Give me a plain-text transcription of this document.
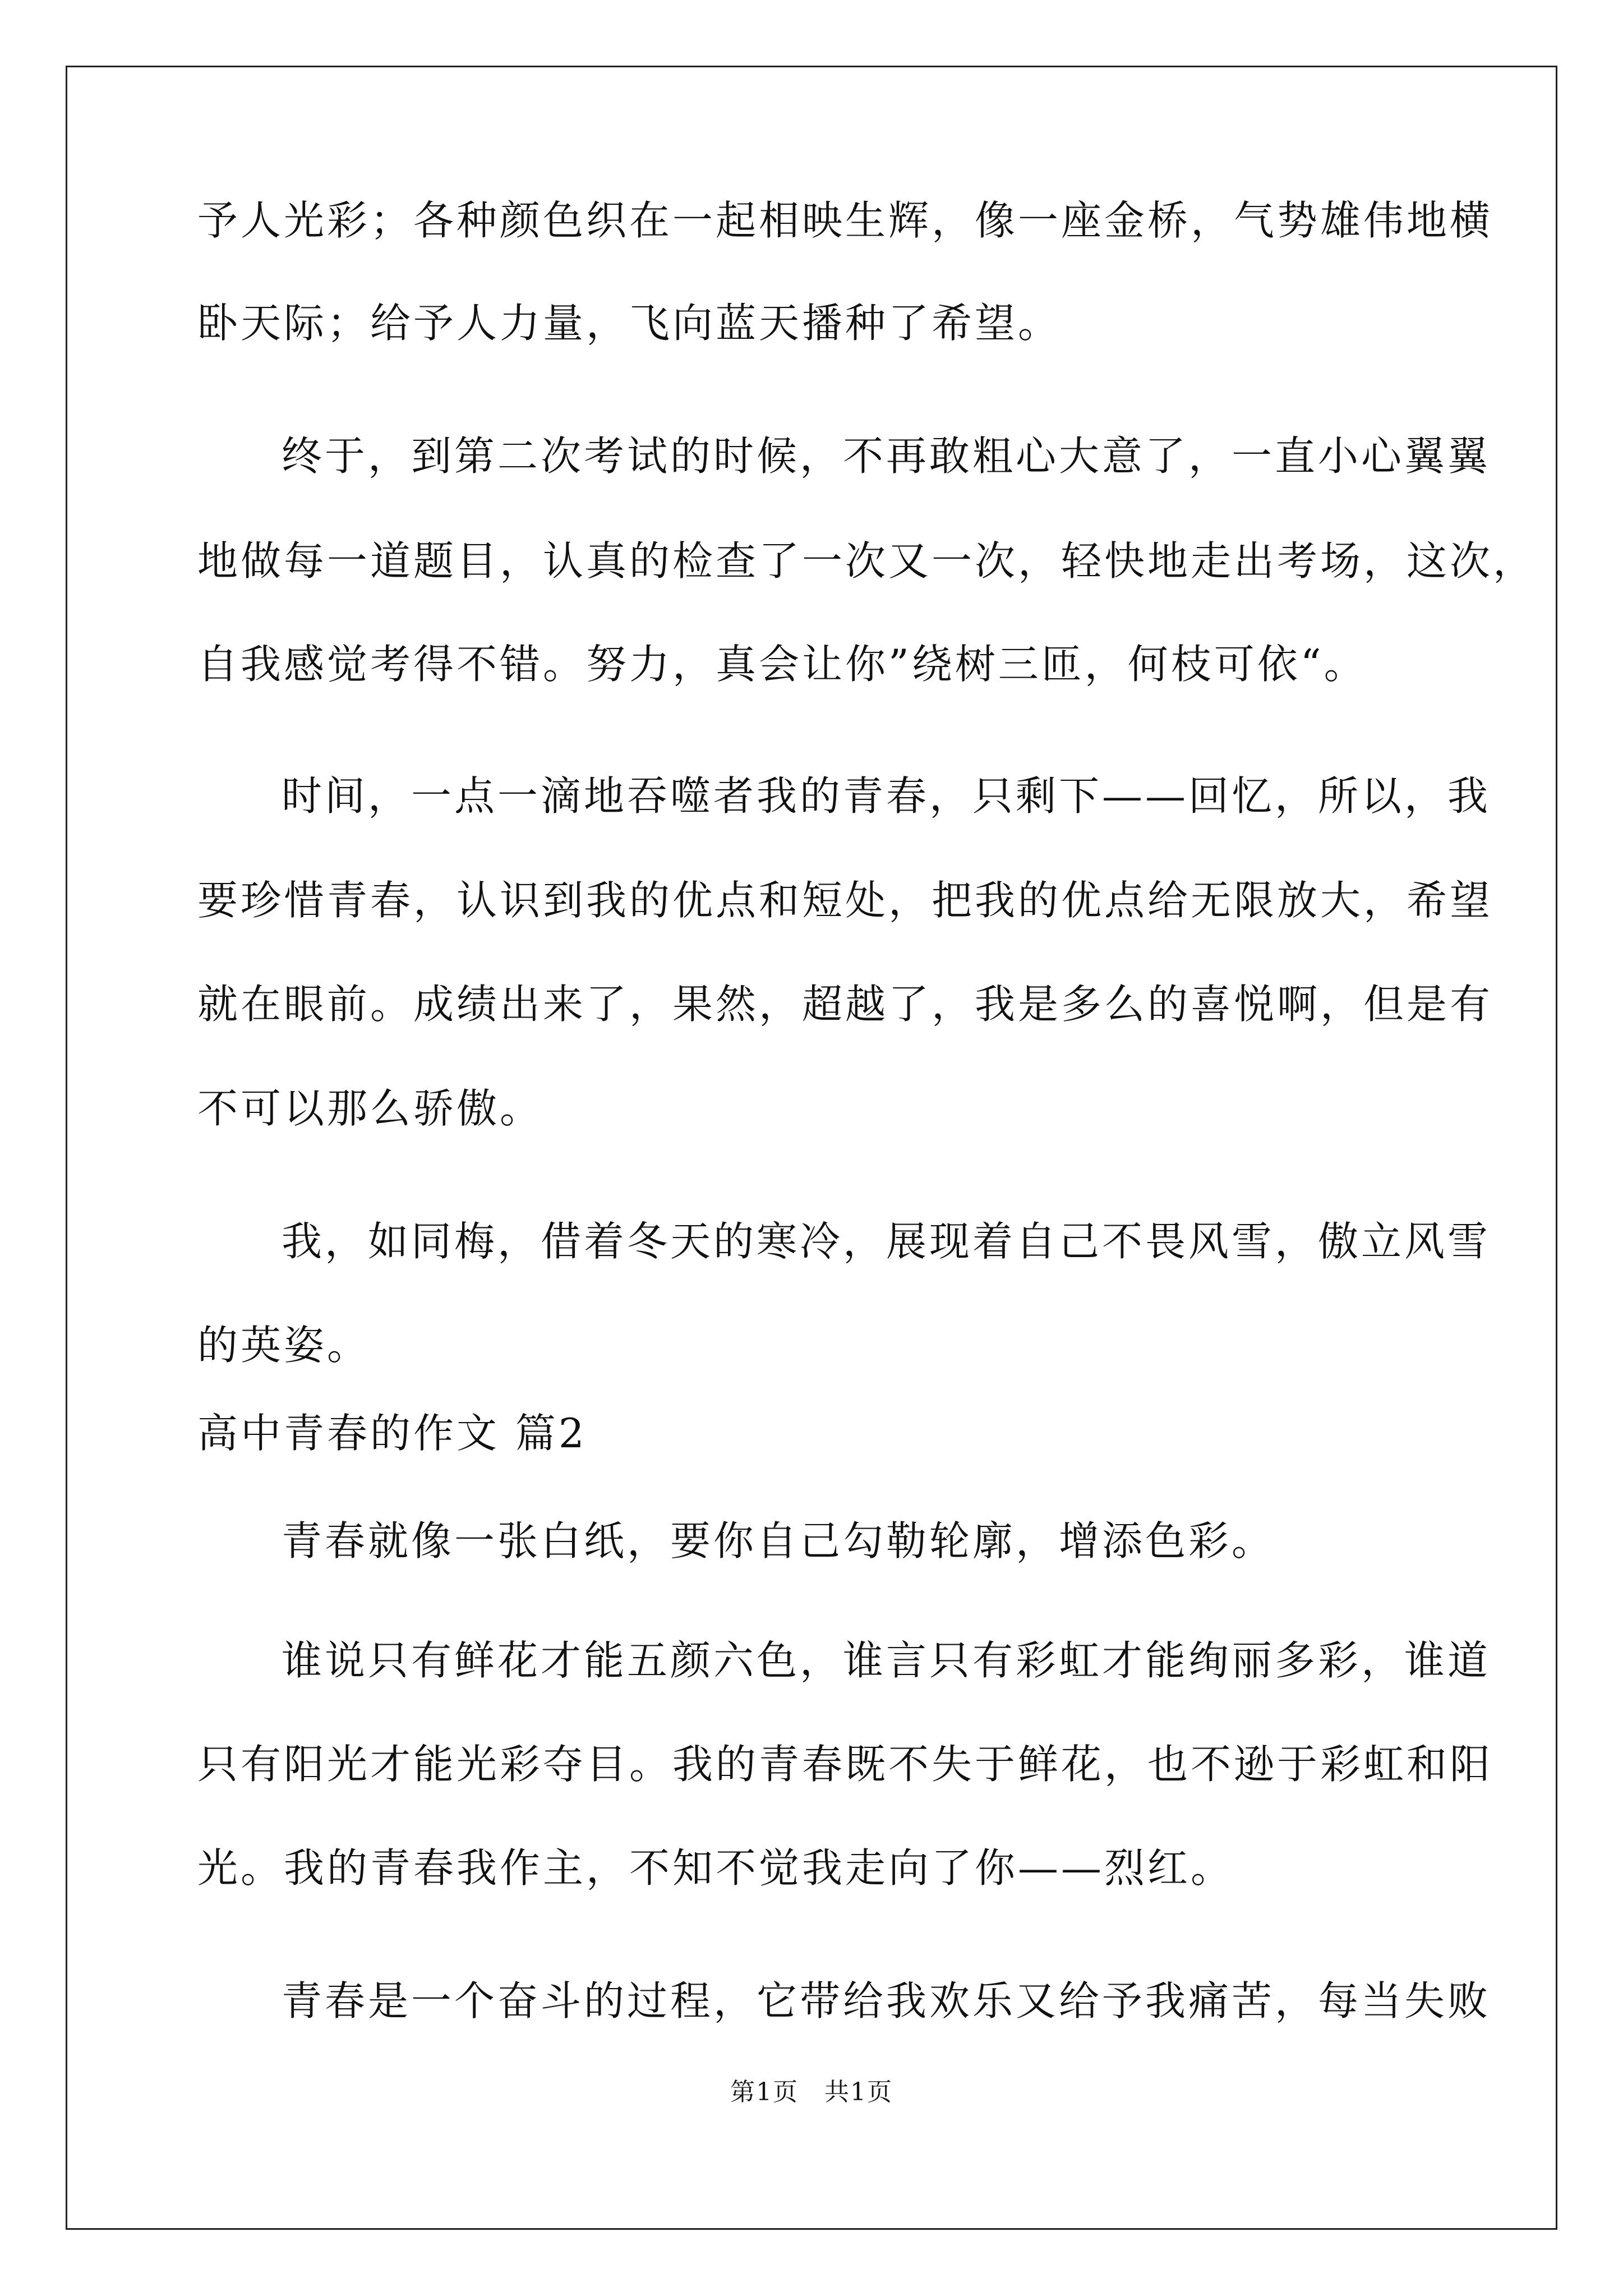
予人光彩；各种颜色织在一起相映生辉，像一座金桥，气势雄伟地横
卧天际；给予人力量，飞向蓝天播种了希望。
终于，到第二次考试的时候，不再敢粗心大意了，一直小心翼翼
地做每一道题目，认真的检查了一次又一次，轻快地走出考场，这次，
自我感觉考得不错。努力，真会让你”绕树三匝，何枝可依“。
时间，一点一滴地吞噬者我的青春，只剩下——回忆，所以，我
要珍惜青春，认识到我的优点和短处，把我的优点给无限放大，希望
就在眼前。成绩出来了，果然，超越了，我是多么的喜悦啊，但是有
不可以那么骄傲。
我，如同梅，借着冬天的寒冷，展现着自己不畏风雪，傲立风雪
的英姿。
高中青春的作文 篇2
青春就像一张白纸，要你自己勾勒轮廓，增添色彩。
谁说只有鲜花才能五颜六色，谁言只有彩虹才能绚丽多彩，谁道
只有阳光才能光彩夺目。我的青春既不失于鲜花，也不逊于彩虹和阳
光。我的青春我作主，不知不觉我走向了你——烈红。
青春是一个奋斗的过程，它带给我欢乐又给予我痛苦，每当失败
第1页　共1页
